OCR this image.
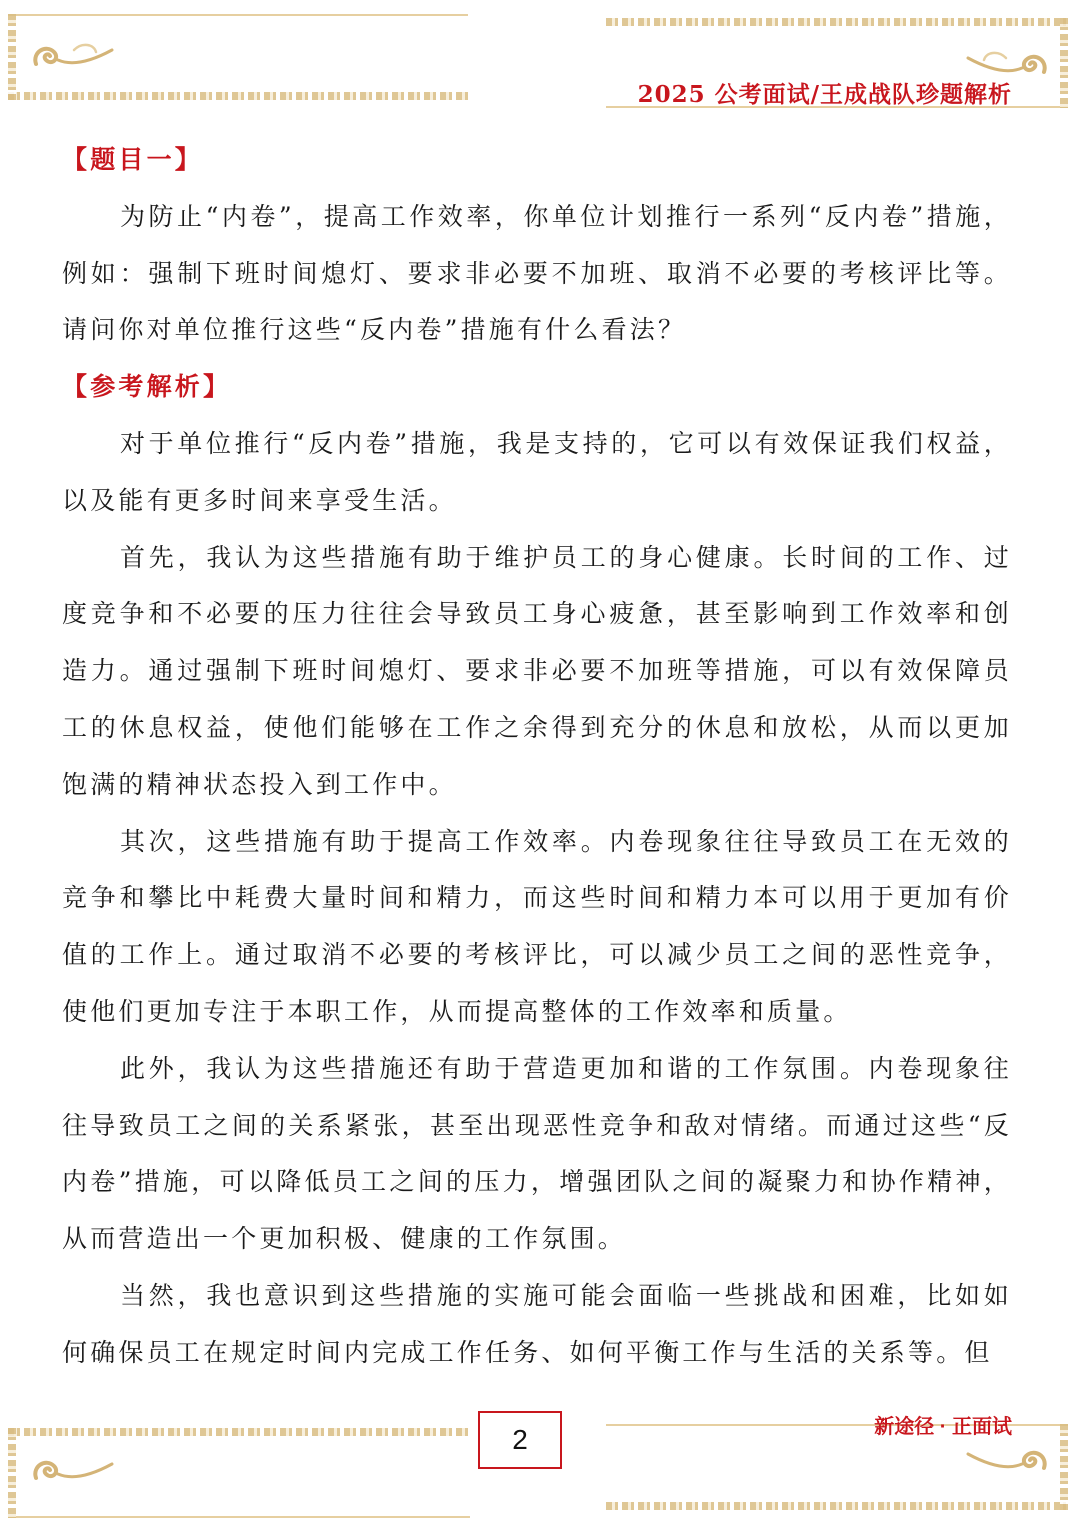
2025 公考面试/王成战队珍题解析

【题目一】

为防止“内卷”，提高工作效率，你单位计划推行一系列“反内卷”措施，例如：强制下班时间熄灯、要求非必要不加班、取消不必要的考核评比等。请问你对单位推行这些“反内卷”措施有什么看法？

【参考解析】

对于单位推行“反内卷”措施，我是支持的，它可以有效保证我们权益，以及能有更多时间来享受生活。

首先，我认为这些措施有助于维护员工的身心健康。长时间的工作、过度竞争和不必要的压力往往会导致员工身心疲惫，甚至影响到工作效率和创造力。通过强制下班时间熄灯、要求非必要不加班等措施，可以有效保障员工的休息权益，使他们能够在工作之余得到充分的休息和放松，从而以更加饱满的精神状态投入到工作中。

其次，这些措施有助于提高工作效率。内卷现象往往导致员工在无效的竞争和攀比中耗费大量时间和精力，而这些时间和精力本可以用于更加有价值的工作上。通过取消不必要的考核评比，可以减少员工之间的恶性竞争，使他们更加专注于本职工作，从而提高整体的工作效率和质量。

此外，我认为这些措施还有助于营造更加和谐的工作氛围。内卷现象往往导致员工之间的关系紧张，甚至出现恶性竞争和敌对情绪。而通过这些“反内卷”措施，可以降低员工之间的压力，增强团队之间的凝聚力和协作精神，从而营造出一个更加积极、健康的工作氛围。

当然，我也意识到这些措施的实施可能会面临一些挑战和困难，比如如何确保员工在规定时间内完成工作任务、如何平衡工作与生活的关系等。但

2	新途径 · 正面试
